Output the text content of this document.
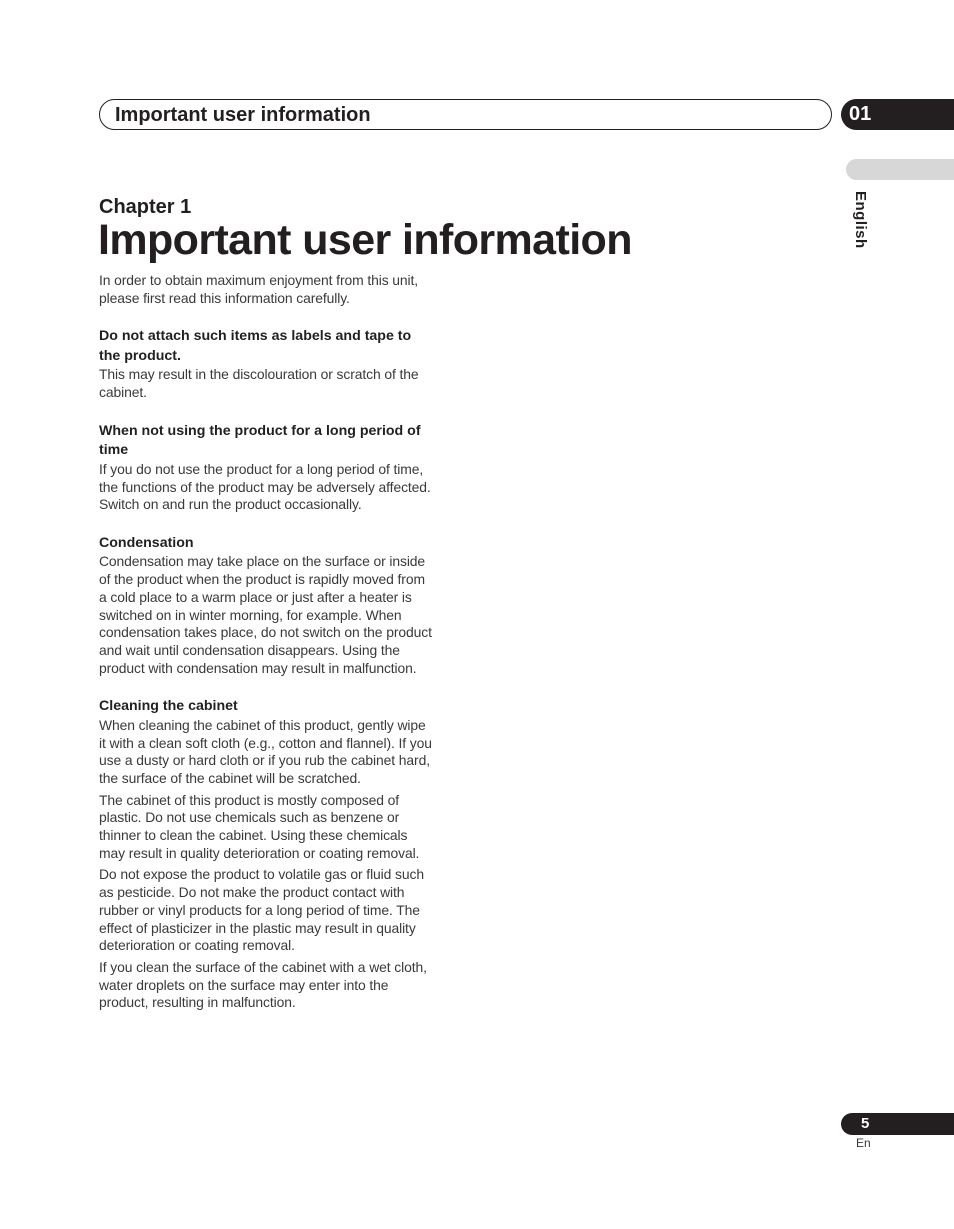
Important user information	01
English
Chapter 1
Important user information

In order to obtain maximum enjoyment from this unit,
please first read this information carefully.

Do not attach such items as labels and tape to
the product.

This may result in the discolouration or scratch of the
cabinet.

When not using the product for a long period of
time

If you do not use the product for a long period of time,
the functions of the product may be adversely affected.
Switch on and run the product occasionally.

Condensation

Condensation may take place on the surface or inside
of the product when the product is rapidly moved from
a cold place to a warm place or just after a heater is
switched on in winter morning, for example. When
condensation takes place, do not switch on the product
and wait until condensation disappears. Using the
product with condensation may result in malfunction.

Cleaning the cabinet

When cleaning the cabinet of this product, gently wipe
it with a clean soft cloth (e.g., cotton and flannel). If you
use a dusty or hard cloth or if you rub the cabinet hard,
the surface of the cabinet will be scratched.

The cabinet of this product is mostly composed of
plastic. Do not use chemicals such as benzene or
thinner to clean the cabinet. Using these chemicals
may result in quality deterioration or coating removal.

Do not expose the product to volatile gas or fluid such
as pesticide. Do not make the product contact with
rubber or vinyl products for a long period of time. The
effect of plasticizer in the plastic may result in quality
deterioration or coating removal.

If you clean the surface of the cabinet with a wet cloth,
water droplets on the surface may enter into the
product, resulting in malfunction.

5
En
